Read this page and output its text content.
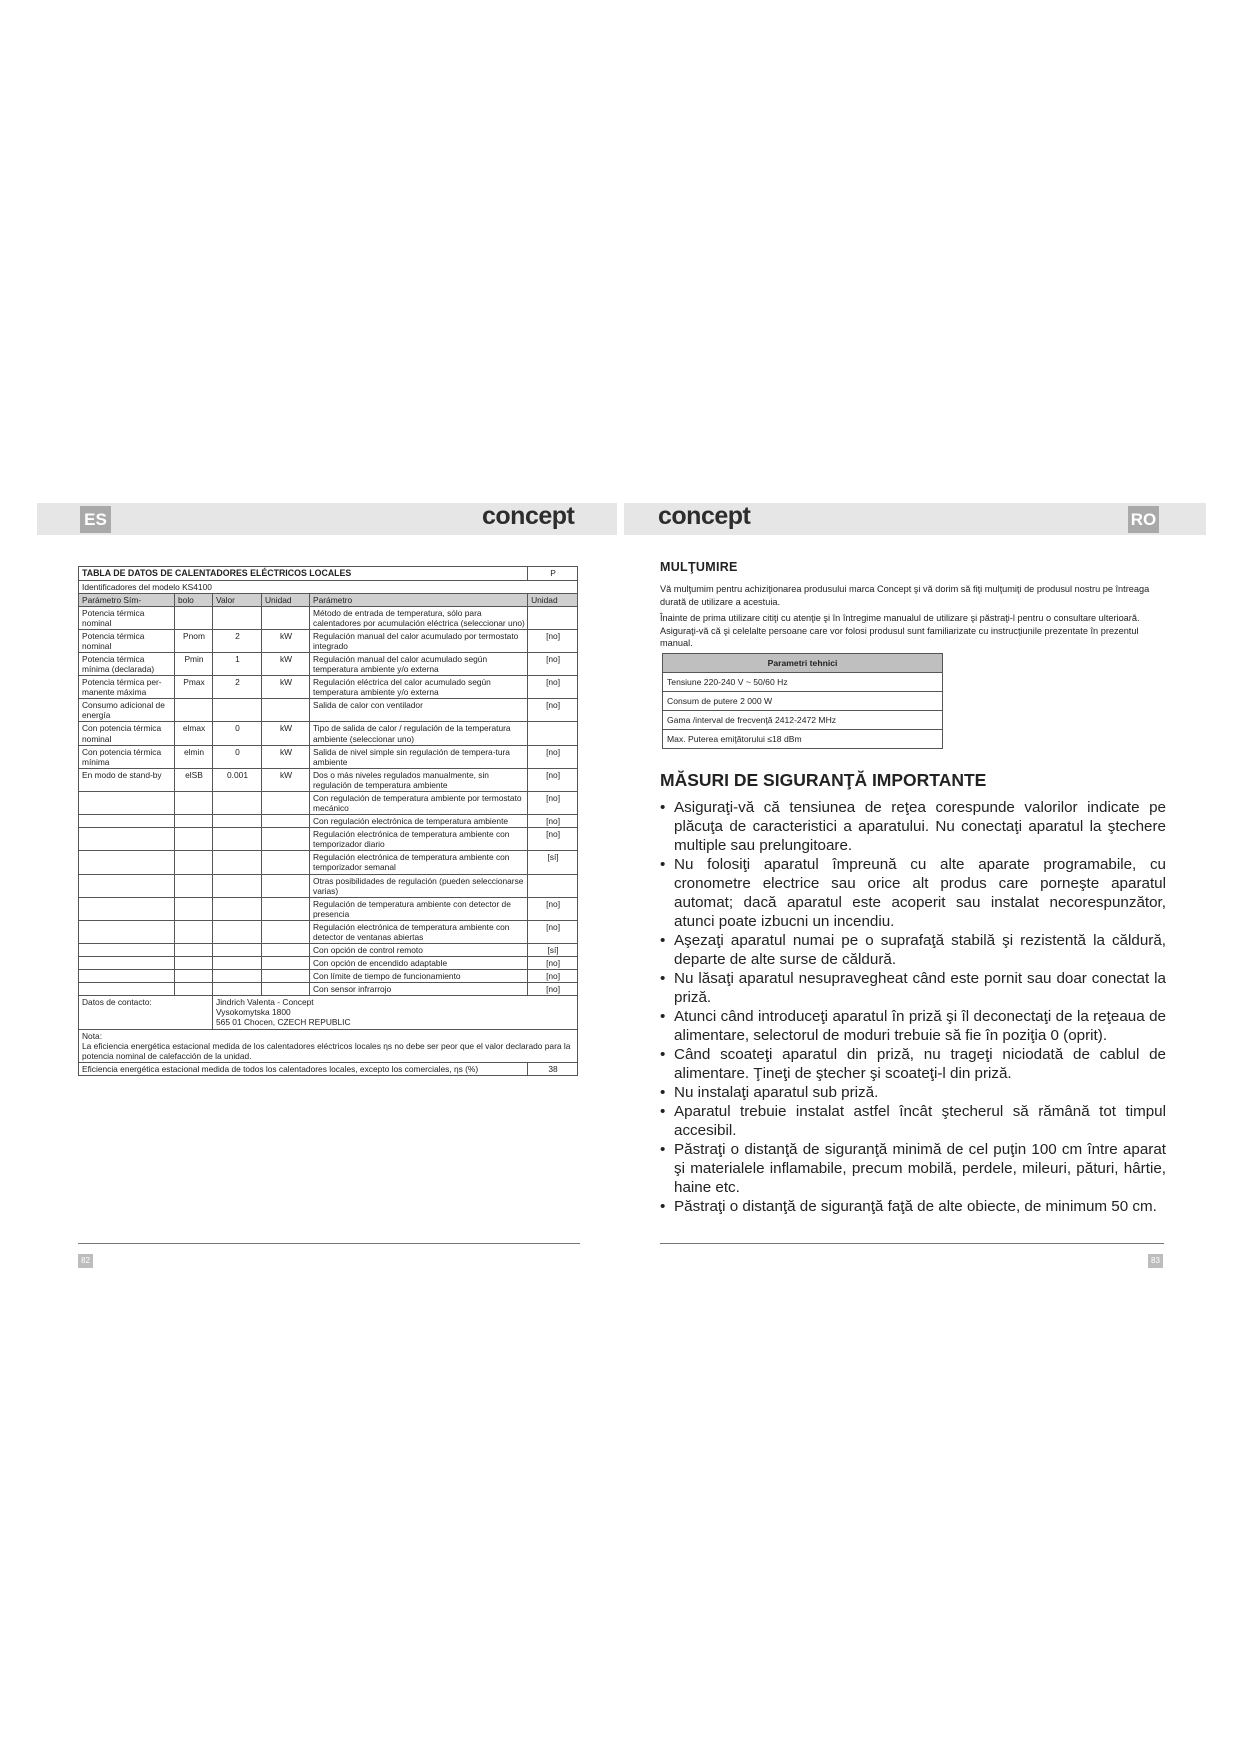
ES	RO
concept	concept
TABLA DE DATOS DE CALENTADORES ELÉCTRICOS LOCALES					P
Identificadores del modelo KS4100					
Parámetro Sím-	bolo	Valor	Unidad	Parámetro	Unidad
Potencia térmica nominal				Método de entrada de temperatura, sólo para calentadores por acumulación eléctrica (seleccionar uno)	
Potencia térmica nominal	Pnom	2	kW	Regulación manual del calor acumulado por termostato integrado	[no]
Potencia térmica mínima (declarada)	Pmin	1	kW	Regulación manual del calor acumulado según temperatura ambiente y/o externa	[no]
Potencia térmica per-manente máxima	Pmax	2	kW	Regulación eléctrica del calor acumulado según temperatura ambiente y/o externa	[no]
Consumo adicional de energía				Salida de calor con ventilador	[no]
Con potencia térmica nominal	elmax	0	kW	Tipo de salida de calor / regulación de la temperatura ambiente (seleccionar uno)	
Con potencia térmica mínima	elmin	0	kW	Salida de nivel simple sin regulación de tempera-tura ambiente	[no]
En modo de stand-by	elSB	0.001	kW	Dos o más niveles regulados manualmente, sin regulación de temperatura ambiente	[no]
				Con regulación de temperatura ambiente por termostato mecánico	[no]
				Con regulación electrónica de temperatura ambiente	[no]
				Regulación electrónica de temperatura ambiente con temporizador diario	[no]
				Regulación electrónica de temperatura ambiente con temporizador semanal	[sí]
				Otras posibilidades de regulación (pueden seleccionarse varias)	
				Regulación de temperatura ambiente con detector de presencia	[no]
				Regulación electrónica de temperatura ambiente con detector de ventanas abiertas	[no]
				Con opción de control remoto	[sí]
				Con opción de encendido adaptable	[no]
				Con límite de tiempo de funcionamiento	[no]
				Con sensor infrarrojo	[no]
Datos de contacto:		Jindrich Valenta - Concept
Vysokomytska 1800
565 01 Chocen, CZECH REPUBLIC			

Nota:
La eficiencia energética estacional medida de los calentadores eléctricos locales ηs no debe ser peor que el valor declarado para la potencia nominal de calefacción de la unidad.					

Eficiencia energética estacional medida de todos los calentadores locales, excepto los comerciales, ηs (%)					38
82
MULŢUMIRE

Vă mulţumim pentru achiziţionarea produsului marca Concept şi vă dorim să fiţi mulţumiţi de produsul nostru pe întreaga durată de utilizare a acestuia.

Înainte de prima utilizare citiţi cu atenţie şi în întregime manualul de utilizare şi păstraţi-l pentru o consultare ulterioară. Asiguraţi-vă că şi celelalte persoane care vor folosi produsul sunt familiarizate cu instrucţiunile prezentate în prezentul manual.

Parametri tehnici
Tensiune 220-240 V ~ 50/60 Hz
Consum de putere 2 000 W
Gama /interval de frecvenţă 2412-2472 MHz
Max. Puterea emiţătorului ≤18 dBm
MĂSURI DE SIGURANŢĂ IMPORTANTE
• Asiguraţi-vă că tensiunea de reţea corespunde valorilor indicate pe plăcuţa de caracteristici a aparatului. Nu conectaţi aparatul la ştechere multiple sau prelungitoare.
• Nu folosiţi aparatul împreună cu alte aparate programabile, cu cronometre electrice sau orice alt produs care porneşte aparatul automat; dacă aparatul este acoperit sau instalat necorespunzător, atunci poate izbucni un incendiu.
• Aşezaţi aparatul numai pe o suprafaţă stabilă şi rezistentă la căldură, departe de alte surse de căldură.
• Nu lăsaţi aparatul nesupravegheat când este pornit sau doar conectat la priză.
• Atunci când introduceţi aparatul în priză şi îl deconectaţi de la reţeaua de alimentare, selectorul de moduri trebuie să fie în poziţia 0 (oprit).
• Când scoateţi aparatul din priză, nu trageţi niciodată de cablul de alimentare. Ţineţi de ştecher şi scoateţi-l din priză.
• Nu instalaţi aparatul sub priză.
• Aparatul trebuie instalat astfel încât ştecherul să rămână tot timpul accesibil.
• Păstraţi o distanţă de siguranţă minimă de cel puţin 100 cm între aparat şi materialele inflamabile, precum mobilă, perdele, mileuri, pături, hârtie, haine etc.
• Păstraţi o distanţă de siguranţă faţă de alte obiecte, de minimum 50 cm.
83
